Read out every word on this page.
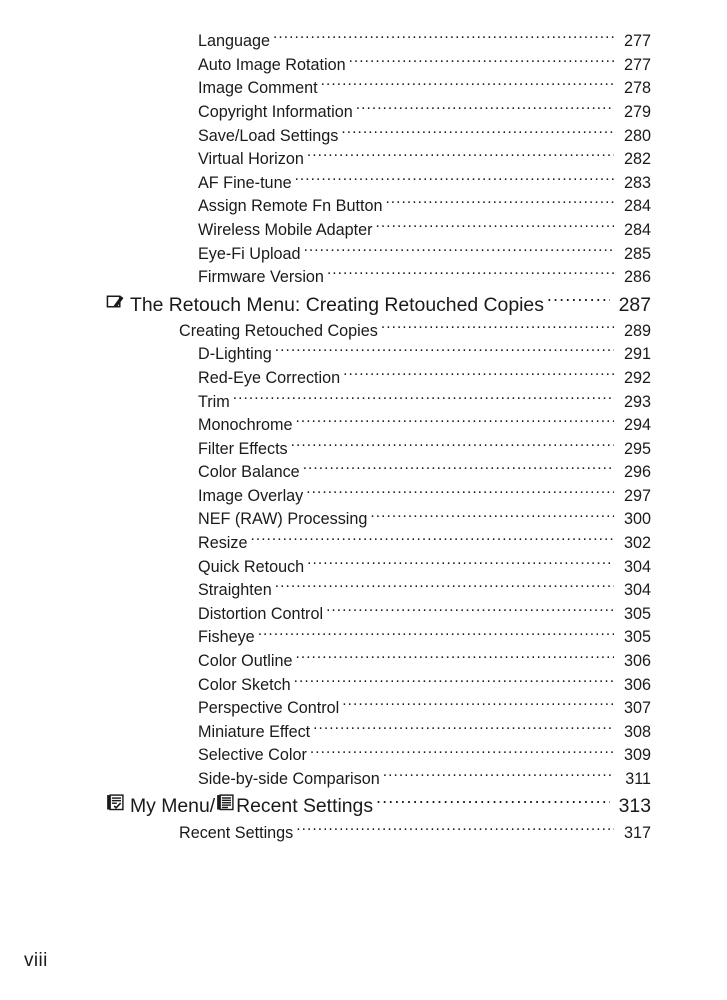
Language .....	277
Auto Image Rotation .....	277
Image Comment .....	278
Copyright Information .....	279
Save/Load Settings .....	280
Virtual Horizon .....	282
AF Fine-tune .....	283
Assign Remote Fn Button .....	284
Wireless Mobile Adapter .....	284
Eye-Fi Upload .....	285
Firmware Version .....	286
The Retouch Menu: Creating Retouched Copies .....	287
Creating Retouched Copies .....	289
D-Lighting .....	291
Red-Eye Correction .....	292
Trim .....	293
Monochrome .....	294
Filter Effects .....	295
Color Balance .....	296
Image Overlay .....	297
NEF (RAW) Processing .....	300
Resize .....	302
Quick Retouch .....	304
Straighten .....	304
Distortion Control .....	305
Fisheye .....	305
Color Outline .....	306
Color Sketch .....	306
Perspective Control .....	307
Miniature Effect .....	308
Selective Color .....	309
Side-by-side Comparison .....	311
My Menu/ Recent Settings .....	313
Recent Settings .....	317
viii
